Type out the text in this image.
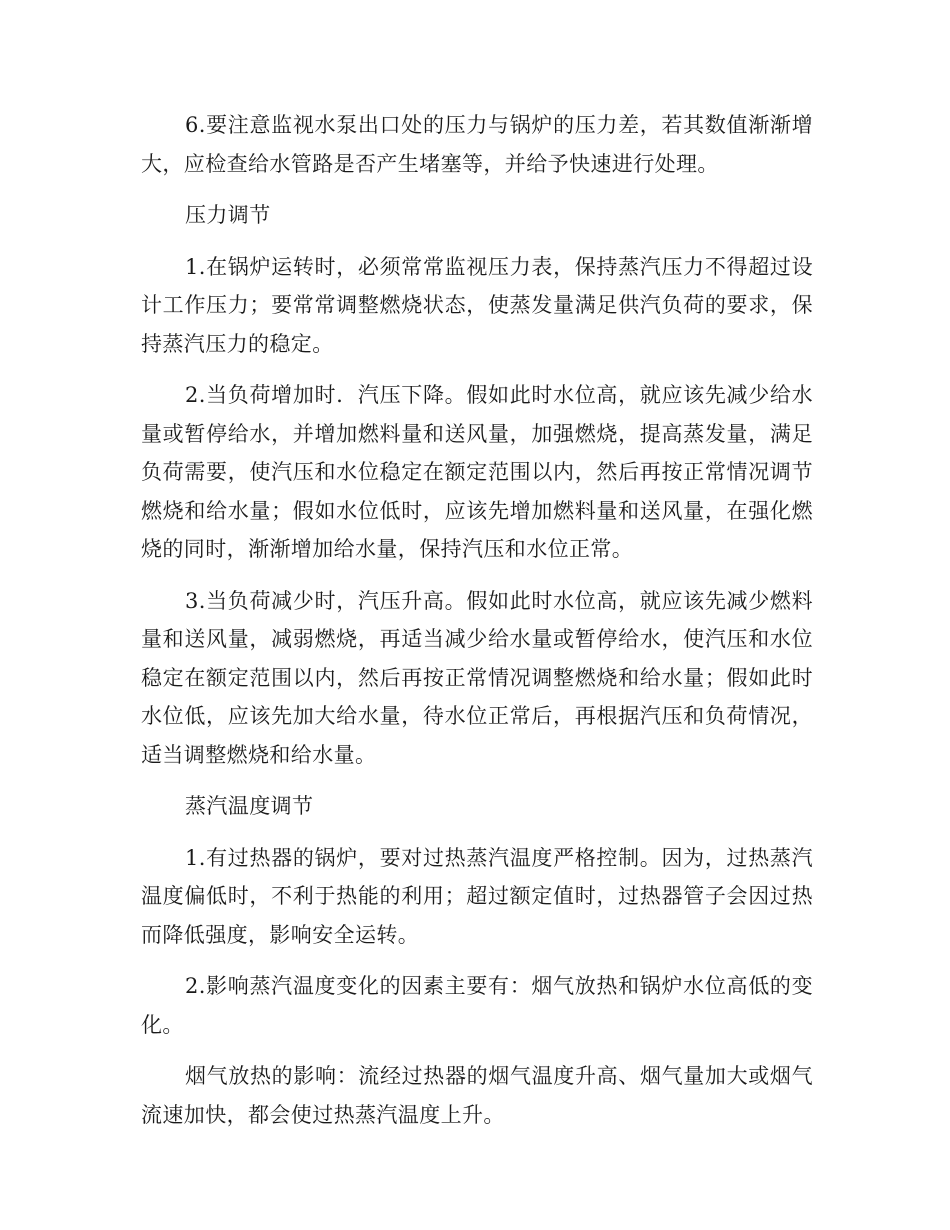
6.要注意监视水泵出口处的压力与锅炉的压力差，若其数值渐渐增大，应检查给水管路是否产生堵塞等，并给予快速进行处理。

压力调节

1.在锅炉运转时，必须常常监视压力表，保持蒸汽压力不得超过设计工作压力；要常常调整燃烧状态，使蒸发量满足供汽负荷的要求，保持蒸汽压力的稳定。

2.当负荷增加时．汽压下降。假如此时水位高，就应该先减少给水量或暂停给水，并增加燃料量和送风量，加强燃烧，提高蒸发量，满足负荷需要，使汽压和水位稳定在额定范围以内，然后再按正常情况调节燃烧和给水量；假如水位低时，应该先增加燃料量和送风量，在强化燃烧的同时，渐渐增加给水量，保持汽压和水位正常。

3.当负荷减少时，汽压升高。假如此时水位高，就应该先减少燃料量和送风量，减弱燃烧，再适当减少给水量或暂停给水，使汽压和水位稳定在额定范围以内，然后再按正常情况调整燃烧和给水量；假如此时水位低，应该先加大给水量，待水位正常后，再根据汽压和负荷情况，适当调整燃烧和给水量。

蒸汽温度调节

1.有过热器的锅炉，要对过热蒸汽温度严格控制。因为，过热蒸汽温度偏低时，不利于热能的利用；超过额定值时，过热器管子会因过热而降低强度，影响安全运转。

2.影响蒸汽温度变化的因素主要有：烟气放热和锅炉水位高低的变化。

烟气放热的影响：流经过热器的烟气温度升高、烟气量加大或烟气流速加快，都会使过热蒸汽温度上升。
